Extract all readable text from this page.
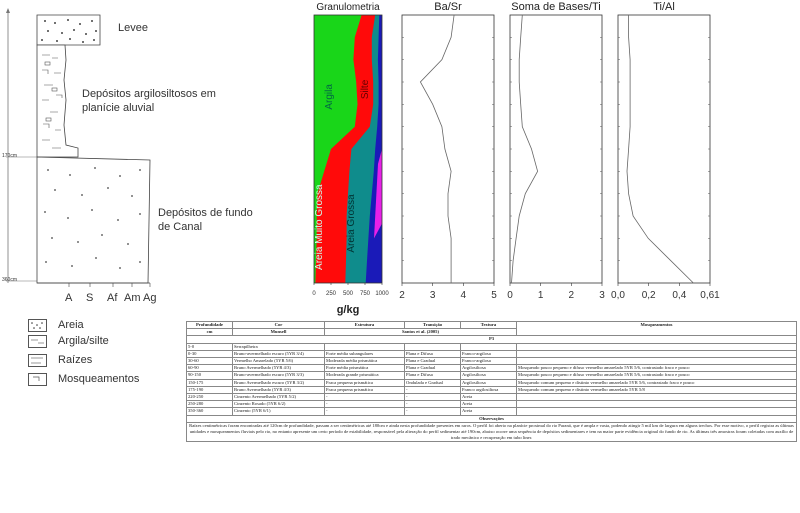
170cm
360cm
Levee
Depósitos argilosiltosos em
planície aluvial
Depósitos de fundo
de Canal
A S Af Am Ag
Areia
Argila/silte
Raízes
Mosqueamentos
Argila	Silte
Areia Muito Grossa Areia Grossa
0 250 500 750 1000
Granulometria
g/kg
2	3	4	5
Ba/Sr
0	1	2	3
Soma de Bases/Ti
0,0 0,2 0,4 0,61
Ti/Al
Profundidade	Cor	Estrutura	Transição	Textura	Mosqueamentos
cm	Munsell	Santos et al. (2005)			
P3					
5-0	Serrapilheira				
0-30	Bruno-avermelhado escuro (5YR 3/4)	Forte média subangulares	Plana e Difusa	Franco-argilosa	
30-60	Vermelho Amarelado (5YR 5/6)	Moderada média prismática	Plana e Gradual	Franco-argilosa	
60-90	Bruno Avermelhado (5YR 4/3)	Forte média prismática	Plana e Gradual	Argilosiltosa	Mosqueado pouco pequeno e difuso vermelho amarelado 5YR 5/6, contrastado fraco e pouco
90-150	Bruno-avermelhado escuro (5YR 3/3)	Moderada grande prismática	Plana e Difusa	Argilosiltosa	Mosqueado pouco pequeno e difuso vermelho amarelado 5YR 5/6, contrastado fraco e pouco
150-175	Bruno Avermelhado escuro (5YR 3/2)	Fraca pequena prismática	Ondulada e Gradual	Argilosiltosa	Mosqueado comum pequeno e distinto vermelho amarelado 5YR 5/6, contrastado fraco e pouco
175-190	Bruno Avermelhado (5YR 4/3)	Fraca pequena prismática	-	Franco argilosiltosa	Mosqueado comum pequeno e distinto vermelho amarelado 5YR 5/8
220-250	Cinzento Avermelhado (5YR 5/2)	-	-	Areia	
250-280	Cinzento Rosado (5YR 6/2)	-	-	Areia	
350-360	Cinzento (5YR 6/1)	-	-	Areia	
Observações					
Raízes centimétricas foram encontradas até 120cm de profundidade, passam a ser centimétricas até 180cm e ainda nesta profundidade presentes em raros. O perfil foi aberto na planície proximal do rio Paraná, que é ampla e vasta, podendo atingir 5 mil km de largura em alguns trechos. Por esse motivo, o perfil registra as últimas unidades e mosqueamentos fluviais pelo rio, no entanto apresente um certo período de estabilidade, responsável pela alteração do perfil sedimentar até 190cm, abaixo ocorre uma sequência de depósitos sedimentares e tem na maior parte evidência original do fundo de rio. As últimas três amostras foram coletadas com auxílio de trado mecânico e recuperação em tubo liner.					
